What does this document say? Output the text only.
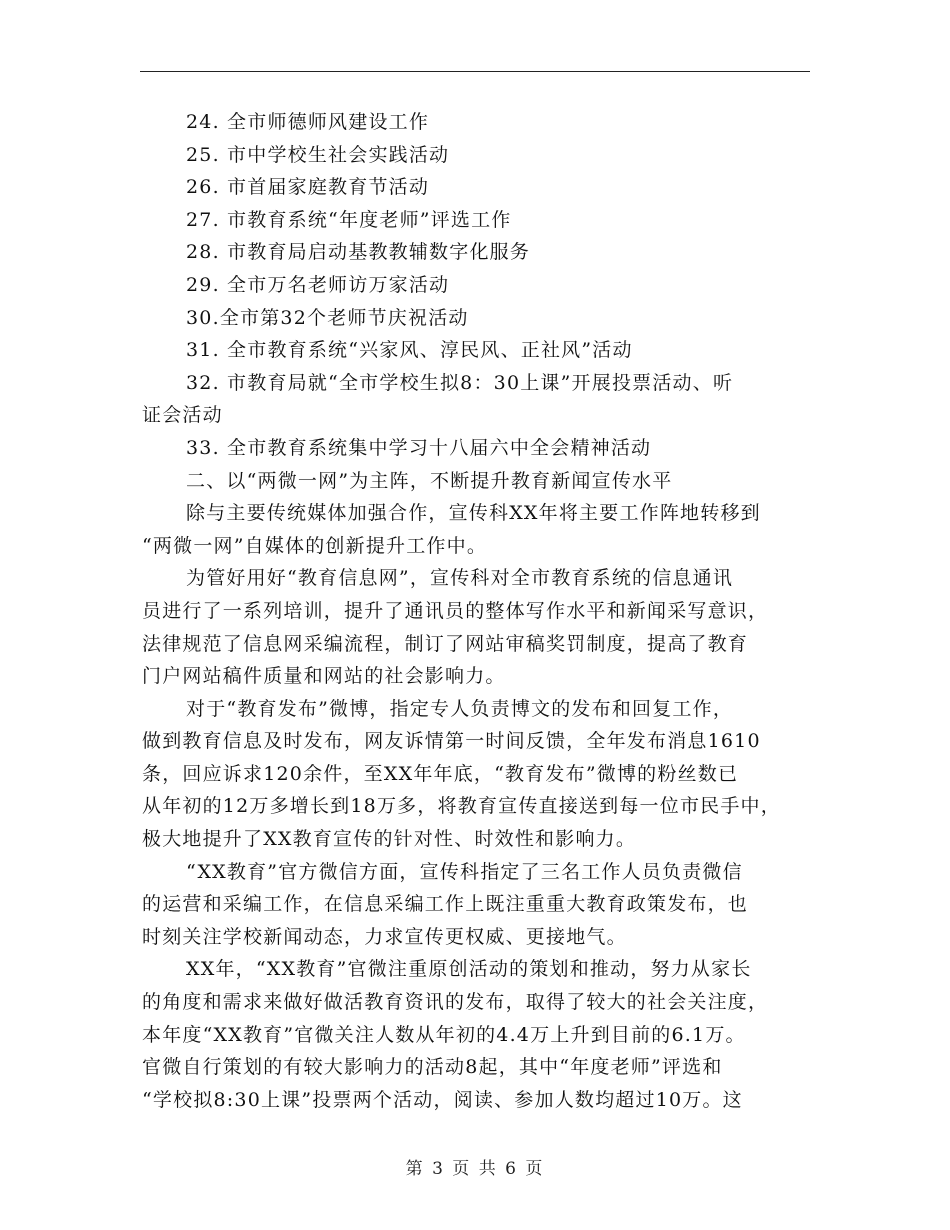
24. 全市师德师风建设工作

25. 市中学校生社会实践活动

26. 市首届家庭教育节活动

27. 市教育系统“年度老师”评选工作

28. 市教育局启动基教教辅数字化服务

29. 全市万名老师访万家活动

30.全市第32个老师节庆祝活动

31. 全市教育系统“兴家风、淳民风、正社风”活动

32. 市教育局就“全市学校生拟8：30上课”开展投票活动、听

证会活动

33. 全市教育系统集中学习十八届六中全会精神活动

二、以“两微一网”为主阵，不断提升教育新闻宣传水平

除与主要传统媒体加强合作，宣传科XX年将主要工作阵地转移到

“两微一网”自媒体的创新提升工作中。

为管好用好“教育信息网”，宣传科对全市教育系统的信息通讯

员进行了一系列培训，提升了通讯员的整体写作水平和新闻采写意识，

法律规范了信息网采编流程，制订了网站审稿奖罚制度，提高了教育

门户网站稿件质量和网站的社会影响力。

对于“教育发布”微博，指定专人负责博文的发布和回复工作，

做到教育信息及时发布，网友诉情第一时间反馈，全年发布消息1610

条，回应诉求120余件，至XX年年底，“教育发布”微博的粉丝数已

从年初的12万多增长到18万多，将教育宣传直接送到每一位市民手中，

极大地提升了XX教育宣传的针对性、时效性和影响力。

“XX教育”官方微信方面，宣传科指定了三名工作人员负责微信

的运营和采编工作，在信息采编工作上既注重重大教育政策发布，也

时刻关注学校新闻动态，力求宣传更权威、更接地气。

XX年，“XX教育”官微注重原创活动的策划和推动，努力从家长

的角度和需求来做好做活教育资讯的发布，取得了较大的社会关注度，

本年度“XX教育”官微关注人数从年初的4.4万上升到目前的6.1万。

官微自行策划的有较大影响力的活动8起，其中“年度老师”评选和

“学校拟8:30上课”投票两个活动，阅读、参加人数均超过10万。这

第 3 页 共 6 页
